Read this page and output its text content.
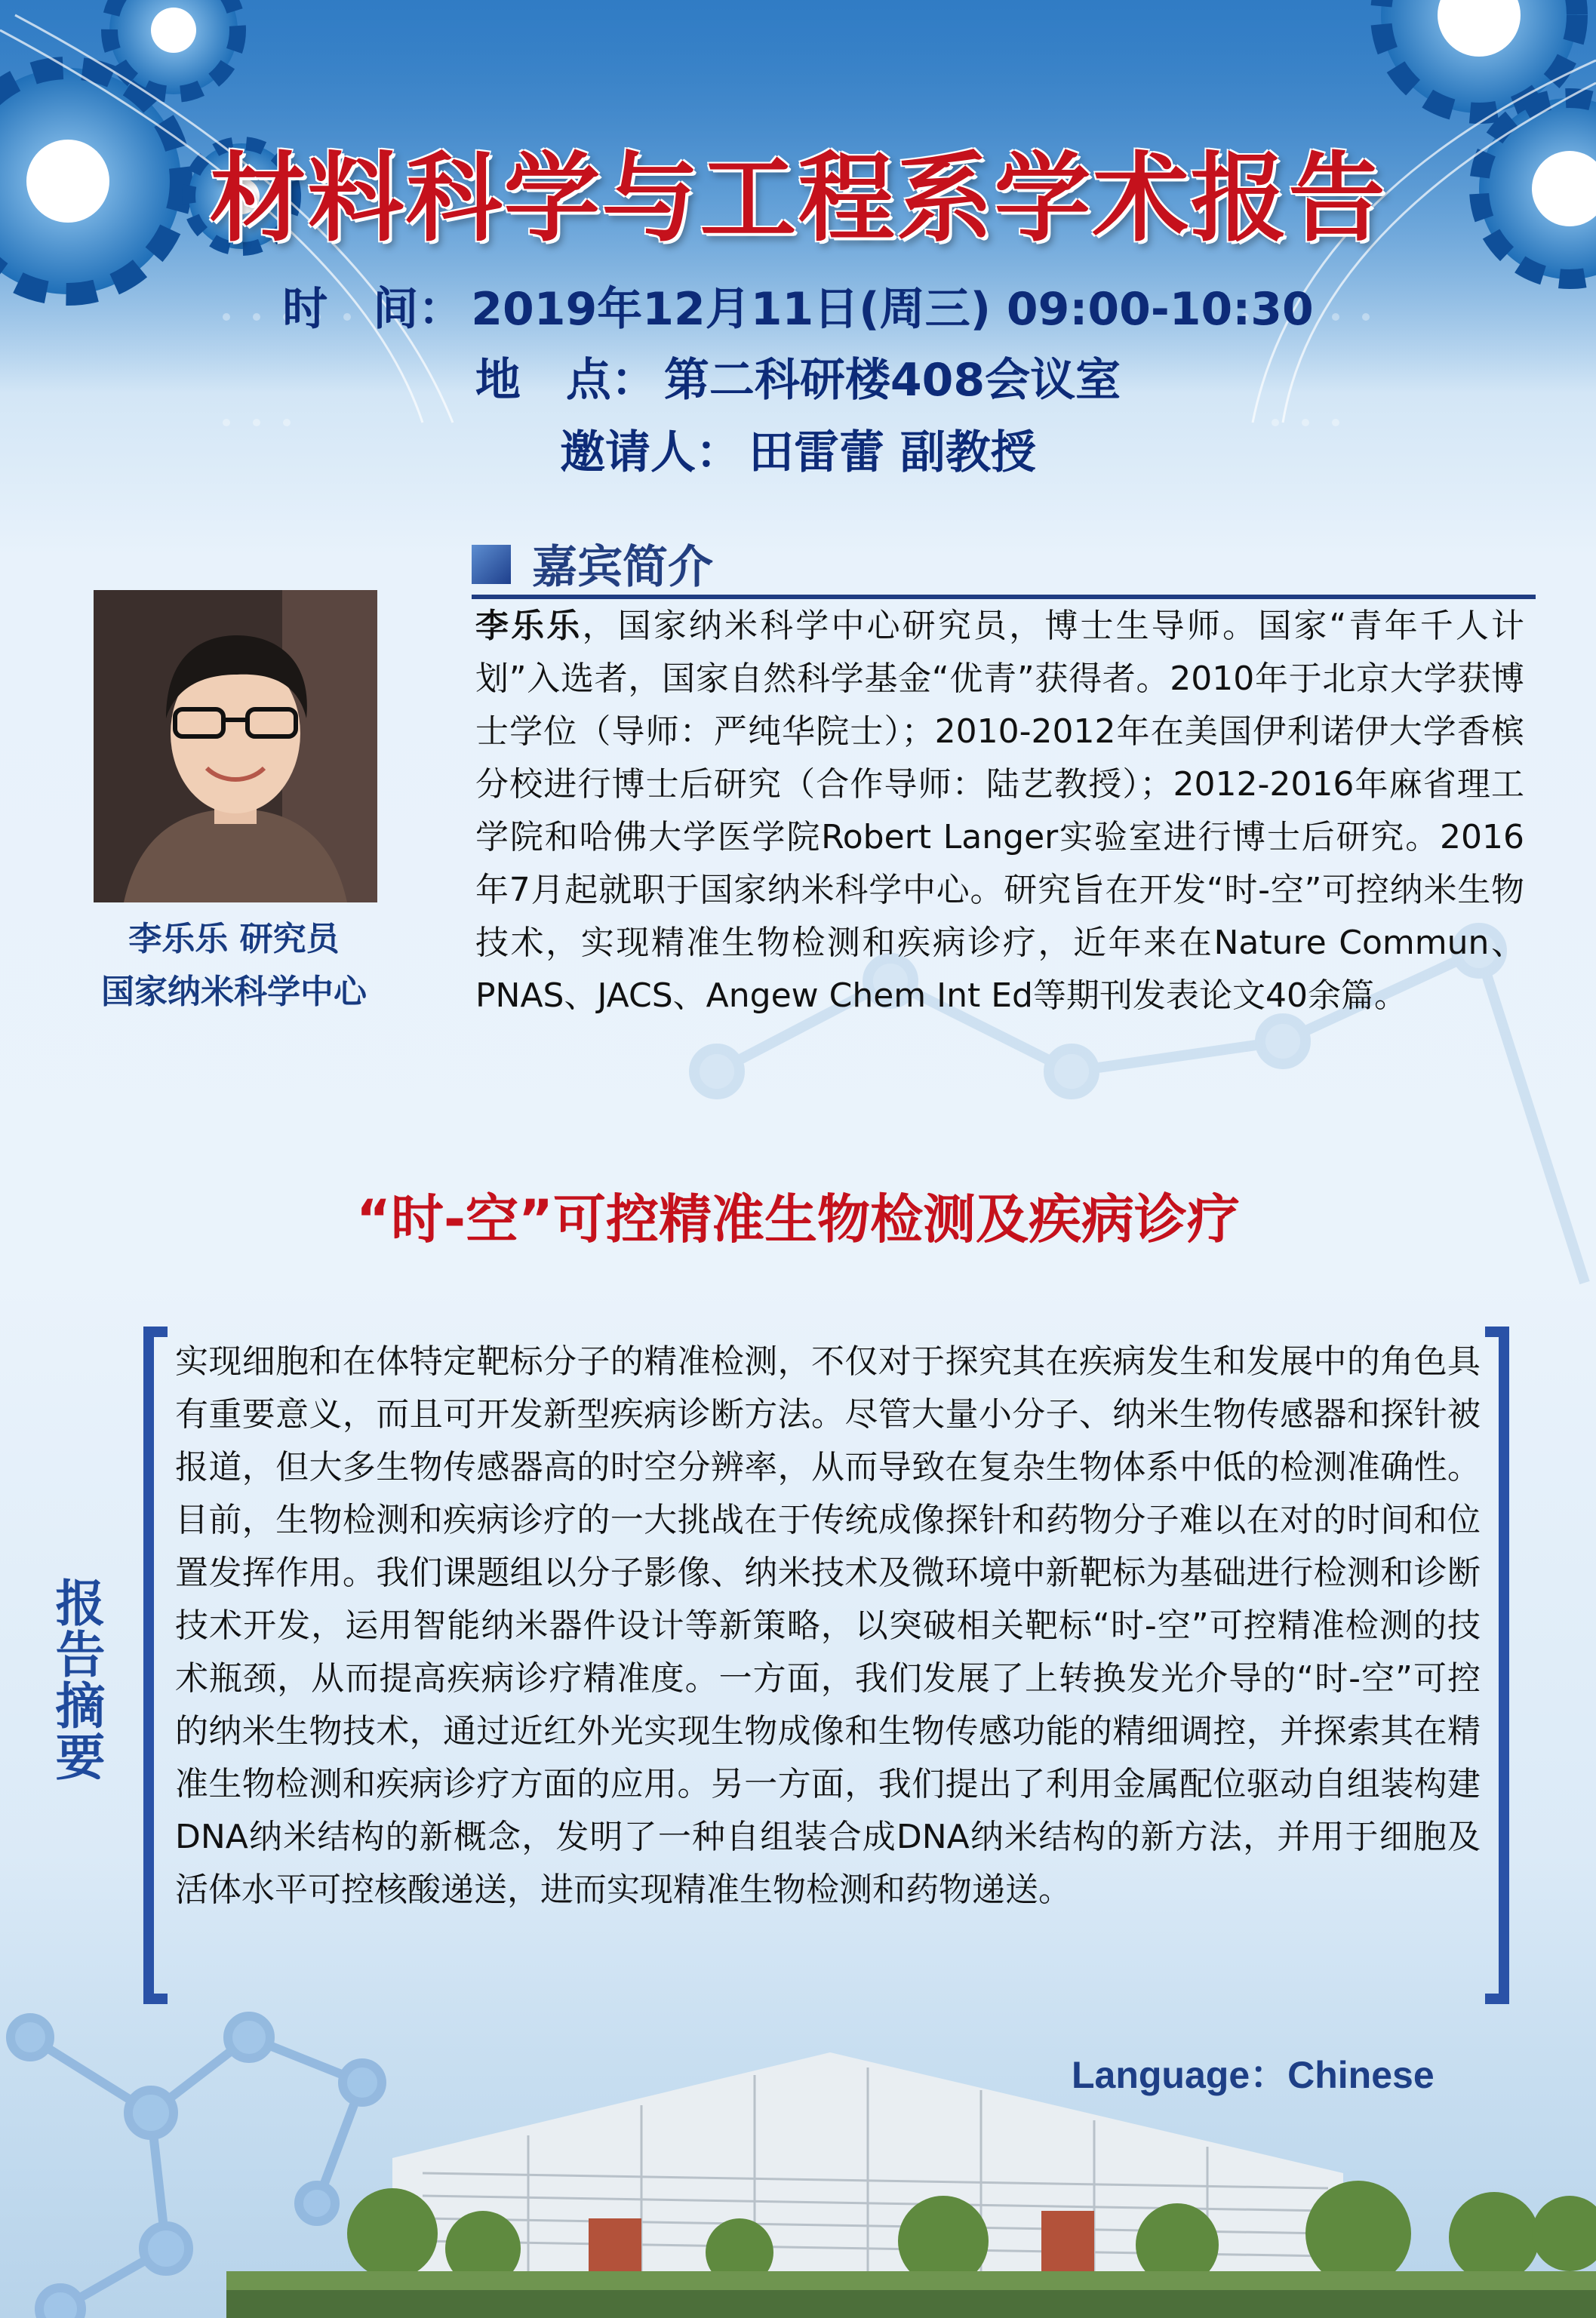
材料科学与工程系学术报告
时　间： 2019年12月11日(周三) 09:00-10:30
地　点： 第二科研楼408会议室
邀请人： 田雷蕾 副教授
嘉宾简介
李乐乐 研究员
国家纳米科学中心
李乐乐，国家纳米科学中心研究员，博士生导师。国家“青年千人计划”入选者，国家自然科学基金“优青”获得者。2010年于北京大学获博士学位（导师：严纯华院士）；2010-2012年在美国伊利诺伊大学香槟分校进行博士后研究（合作导师：陆艺教授）；2012-2016年麻省理工学院和哈佛大学医学院Robert Langer实验室进行博士后研究。2016年7月起就职于国家纳米科学中心。研究旨在开发“时-空”可控纳米生物技术，实现精准生物检测和疾病诊疗，近年来在Nature Commun、PNAS、JACS、Angew Chem Int Ed等期刊发表论文40余篇。
“时-空”可控精准生物检测及疾病诊疗
报告摘要
实现细胞和在体特定靶标分子的精准检测，不仅对于探究其在疾病发生和发展中的角色具有重要意义，而且可开发新型疾病诊断方法。尽管大量小分子、纳米生物传感器和探针被报道，但大多生物传感器高的时空分辨率，从而导致在复杂生物体系中低的检测准确性。目前，生物检测和疾病诊疗的一大挑战在于传统成像探针和药物分子难以在对的时间和位置发挥作用。我们课题组以分子影像、纳米技术及微环境中新靶标为基础进行检测和诊断技术开发，运用智能纳米器件设计等新策略，以突破相关靶标“时-空”可控精准检测的技术瓶颈，从而提高疾病诊疗精准度。一方面，我们发展了上转换发光介导的“时-空”可控的纳米生物技术，通过近红外光实现生物成像和生物传感功能的精细调控，并探索其在精准生物检测和疾病诊疗方面的应用。另一方面，我们提出了利用金属配位驱动自组装构建DNA纳米结构的新概念，发明了一种自组装合成DNA纳米结构的新方法，并用于细胞及活体水平可控核酸递送，进而实现精准生物检测和药物递送。
Language：Chinese
